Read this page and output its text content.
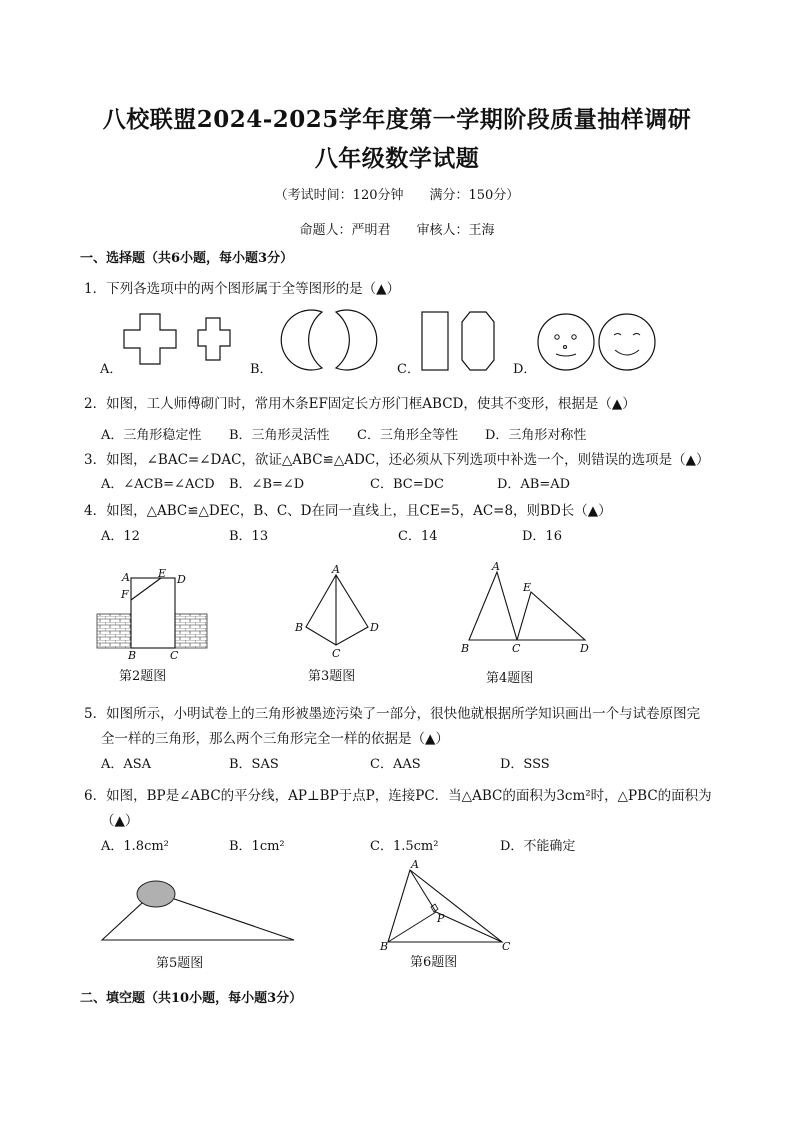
八校联盟2024-2025学年度第一学期阶段质量抽样调研
八年级数学试题
（考试时间：120分钟　　满分：150分）
命题人：严明君　　审核人：王海
一、选择题（共6小题，每小题3分）
1．下列各选项中的两个图形属于全等图形的是（▲）
A．	B．	C．	D．
2．如图，工人师傅砌门时，常用木条EF固定长方形门框ABCD，使其不变形，根据是（▲）
A．三角形稳定性 B．三角形灵活性 C．三角形全等性 D．三角形对称性
3．如图，∠BAC=∠DAC，欲证△ABC≌△ADC，还必须从下列选项中补选一个，则错误的选项是（▲）
A．∠ACB=∠ACD B．∠B=∠D	C．BC=DC	D．AB=AD
4．如图，△ABC≌△DEC，B、C、D在同一直线上，且CE=5，AC=8，则BD长（▲）
A．12	B．13	C．14	D．16
A	E D
F
B	C
第2题图
A
B
C
D
第3题图
A
E
B	C	D
第4题图
5．如图所示，小明试卷上的三角形被墨迹污染了一部分，很快他就根据所学知识画出一个与试卷原图完
全一样的三角形，那么两个三角形完全一样的依据是（▲）
A．ASA	B．SAS	C．AAS	D．SSS
6．如图，BP是∠ABC的平分线，AP⊥BP于点P，连接PC．当△ABC的面积为3cm²时，△PBC的面积为
（▲）
A．1.8cm²	B．1cm²	C．1.5cm²	D．不能确定
第5题图
A
P
B	C
第6题图
二、填空题（共10小题，每小题3分）
